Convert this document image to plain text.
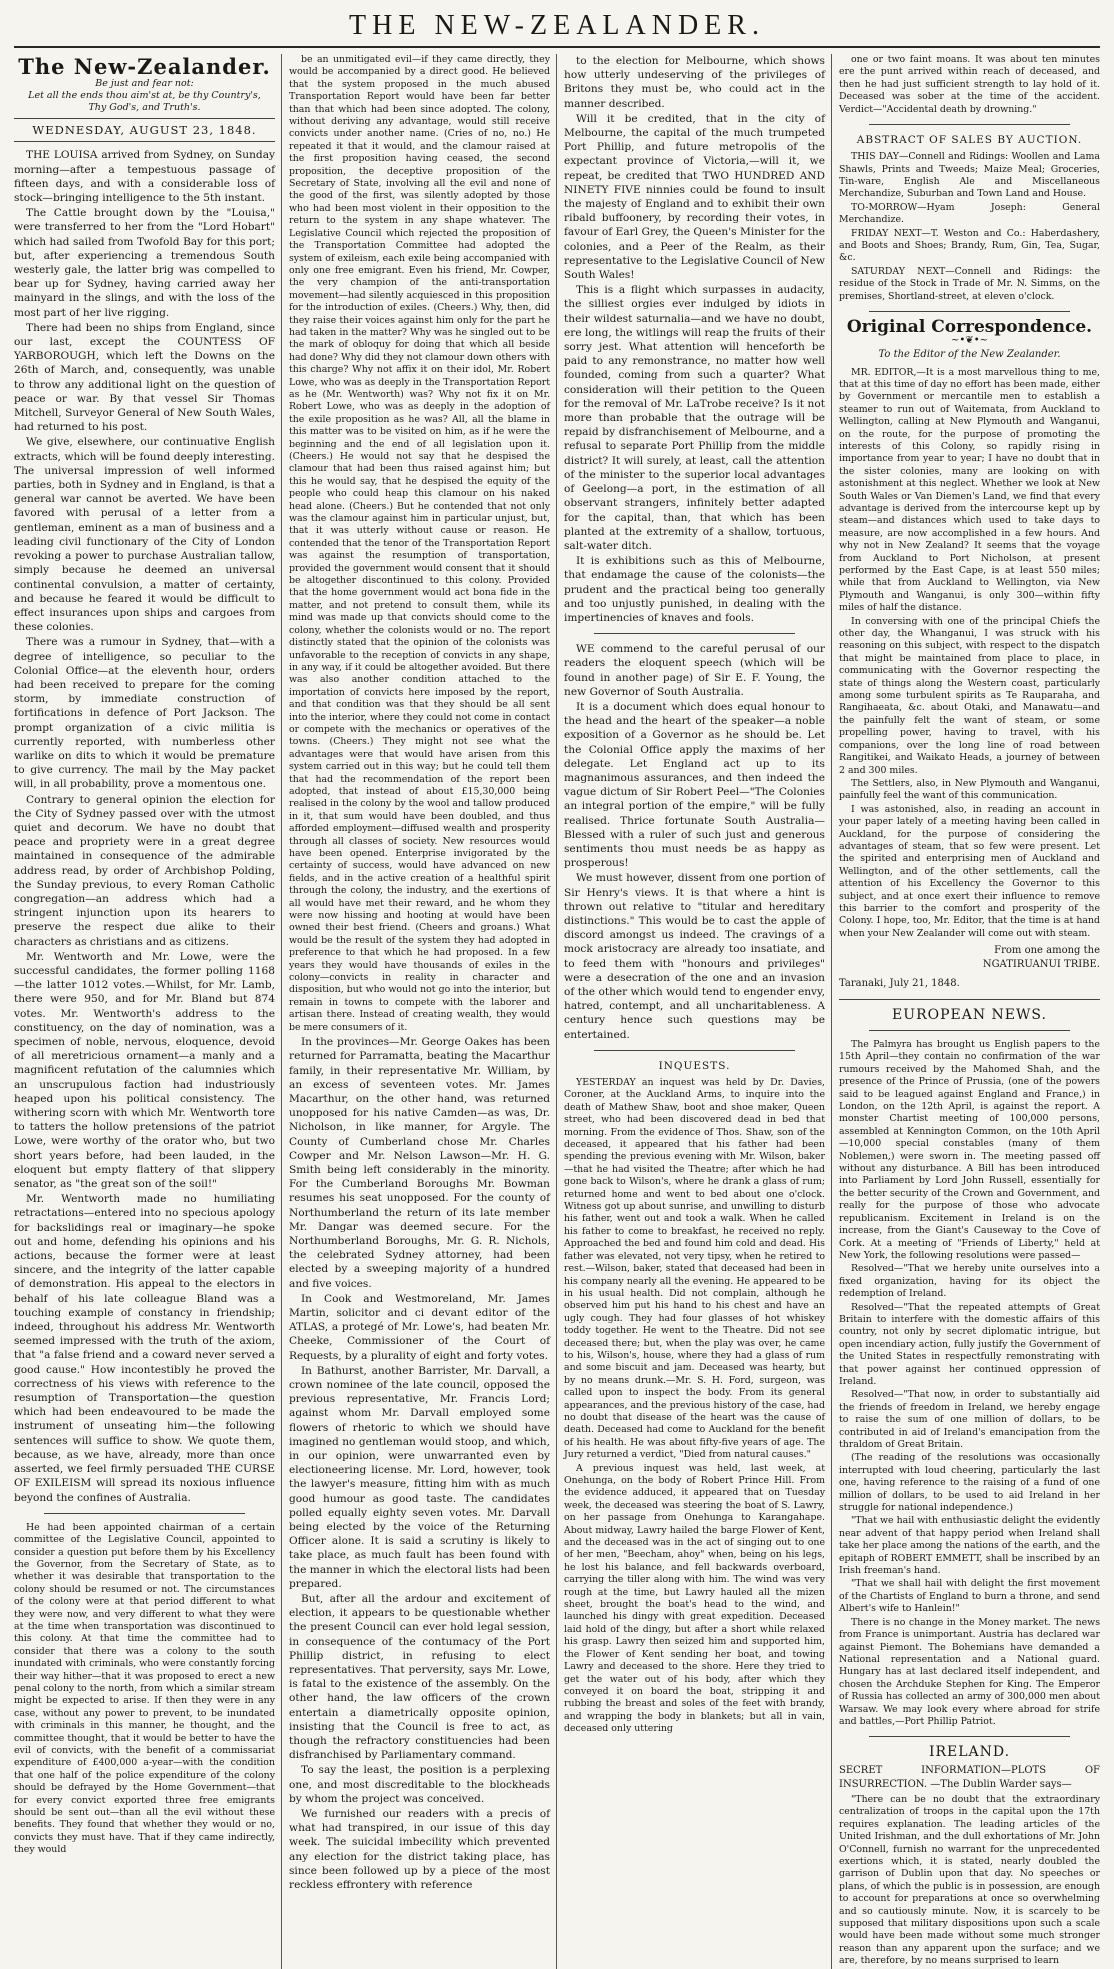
THE NEW-ZEALANDER.
The New-Zealander.
Be just and fear not:
Let all the ends thou aim'st at, be thy Country's,
Thy God's, and Truth's.
WEDNESDAY, AUGUST 23, 1848.

THE LOUISA arrived from Sydney, on Sunday morning—after a tempestuous passage of fifteen days, and with a considerable loss of stock—bringing intelligence to the 5th instant.

The Cattle brought down by the "Louisa," were transferred to her from the "Lord Hobart" which had sailed from Twofold Bay for this port; but, after experiencing a tremendous South westerly gale, the latter brig was compelled to bear up for Sydney, having carried away her mainyard in the slings, and with the loss of the most part of her live rigging.

There had been no ships from England, since our last, except the COUNTESS OF YARBOROUGH, which left the Downs on the 26th of March, and, consequently, was unable to throw any additional light on the question of peace or war. By that vessel Sir Thomas Mitchell, Surveyor General of New South Wales, had returned to his post.

We give, elsewhere, our continuative English extracts, which will be found deeply interesting. The universal impression of well informed parties, both in Sydney and in England, is that a general war cannot be averted. We have been favored with perusal of a letter from a gentleman, eminent as a man of business and a leading civil functionary of the City of London revoking a power to purchase Australian tallow, simply because he deemed an universal continental convulsion, a matter of certainty, and because he feared it would be difficult to effect insurances upon ships and cargoes from these colonies.

There was a rumour in Sydney, that—with a degree of intelligence, so peculiar to the Colonial Office—at the eleventh hour, orders had been received to prepare for the coming storm, by immediate construction of fortifications in defence of Port Jackson. The prompt organization of a civic militia is currently reported, with numberless other warlike on dits to which it would be premature to give currency. The mail by the May packet will, in all probability, prove a momentous one.

Contrary to general opinion the election for the City of Sydney passed over with the utmost quiet and decorum. We have no doubt that peace and propriety were in a great degree maintained in consequence of the admirable address read, by order of Archbishop Polding, the Sunday previous, to every Roman Catholic congregation—an address which had a stringent injunction upon its hearers to preserve the respect due alike to their characters as christians and as citizens.

Mr. Wentworth and Mr. Lowe, were the successful candidates, the former polling 1168—the latter 1012 votes.—Whilst, for Mr. Lamb, there were 950, and for Mr. Bland but 874 votes. Mr. Wentworth's address to the constituency, on the day of nomination, was a specimen of noble, nervous, eloquence, devoid of all meretricious ornament—a manly and a magnificent refutation of the calumnies which an unscrupulous faction had industriously heaped upon his political consistency. The withering scorn with which Mr. Wentworth tore to tatters the hollow pretensions of the patriot Lowe, were worthy of the orator who, but two short years before, had been lauded, in the eloquent but empty flattery of that slippery senator, as "the great son of the soil!"

Mr. Wentworth made no humiliating retractations—entered into no specious apology for backslidings real or imaginary—he spoke out and home, defending his opinions and his actions, because the former were at least sincere, and the integrity of the latter capable of demonstration. His appeal to the electors in behalf of his late colleague Bland was a touching example of constancy in friendship; indeed, throughout his address Mr. Wentworth seemed impressed with the truth of the axiom, that "a false friend and a coward never served a good cause." How incontestibly he proved the correctness of his views with reference to the resumption of Transportation—the question which had been endeavoured to be made the instrument of unseating him—the following sentences will suffice to show. We quote them, because, as we have, already, more than once asserted, we feel firmly persuaded THE CURSE OF EXILEISM will spread its noxious influence beyond the confines of Australia.

He had been appointed chairman of a certain committee of the Legislative Council, appointed to consider a question put before them by his Excellency the Governor, from the Secretary of State, as to whether it was desirable that transportation to the colony should be resumed or not. The circumstances of the colony were at that period different to what they were now, and very different to what they were at the time when transportation was discontinued to this colony. At that time the committee had to consider that there was a colony to the south inundated with criminals, who were constantly forcing their way hither—that it was proposed to erect a new penal colony to the north, from which a similar stream might be expected to arise. If then they were in any case, without any power to prevent, to be inundated with criminals in this manner, he thought, and the committee thought, that it would be better to have the evil of convicts, with the benefit of a commissariat expenditure of £400,000 a-year—with the condition that one half of the police expenditure of the colony should be defrayed by the Home Government—that for every convict exported three free emigrants should be sent out—than all the evil without these benefits. They found that whether they would or no, convicts they must have. That if they came indirectly, they would

be an unmitigated evil—if they came directly, they would be accompanied by a direct good. He believed that the system proposed in the much abused Transportation Report would have been far better than that which had been since adopted. The colony, without deriving any advantage, would still receive convicts under another name. (Cries of no, no.) He repeated it that it would, and the clamour raised at the first proposition having ceased, the second proposition, the deceptive proposition of the Secretary of State, involving all the evil and none of the good of the first, was silently adopted by those who had been most violent in their opposition to the return to the system in any shape whatever. The Legislative Council which rejected the proposition of the Transportation Committee had adopted the system of exileism, each exile being accompanied with only one free emigrant. Even his friend, Mr. Cowper, the very champion of the anti-transportation movement—had silently acquiesced in this proposition for the introduction of exiles. (Cheers.) Why, then, did they raise their voices against him only for the part he had taken in the matter? Why was he singled out to be the mark of obloquy for doing that which all beside had done? Why did they not clamour down others with this charge? Why not affix it on their idol, Mr. Robert Lowe, who was as deeply in the Transportation Report as he (Mr. Wentworth) was? Why not fix it on Mr. Robert Lowe, who was as deeply in the adoption of the exile proposition as he was? All, all the blame in this matter was to be visited on him, as if he were the beginning and the end of all legislation upon it. (Cheers.) He would not say that he despised the clamour that had been thus raised against him; but this he would say, that he despised the equity of the people who could heap this clamour on his naked head alone. (Cheers.) But he contended that not only was the clamour against him in particular unjust, but, that it was utterly without cause or reason. He contended that the tenor of the Transportation Report was against the resumption of transportation, provided the government would consent that it should be altogether discontinued to this colony. Provided that the home government would act bona fide in the matter, and not pretend to consult them, while its mind was made up that convicts should come to the colony, whether the colonists would or no. The report distinctly stated that the opinion of the colonists was unfavorable to the reception of convicts in any shape, in any way, if it could be altogether avoided. But there was also another condition attached to the importation of convicts here imposed by the report, and that condition was that they should be all sent into the interior, where they could not come in contact or compete with the mechanics or operatives of the towns. (Cheers.) They might not see what the advantages were that would have arisen from this system carried out in this way; but he could tell them that had the recommendation of the report been adopted, that instead of about £15,30,000 being realised in the colony by the wool and tallow produced in it, that sum would have been doubled, and thus afforded employment—diffused wealth and prosperity through all classes of society. New resources would have been opened. Enterprise invigorated by the certainty of success, would have advanced on new fields, and in the active creation of a healthful spirit through the colony, the industry, and the exertions of all would have met their reward, and he whom they were now hissing and hooting at would have been owned their best friend. (Cheers and groans.) What would be the result of the system they had adopted in preference to that which he had proposed. In a few years they would have thousands of exiles in the colony—convicts in reality in character and disposition, but who would not go into the interior, but remain in towns to compete with the laborer and artisan there. Instead of creating wealth, they would be mere consumers of it.

In the provinces—Mr. George Oakes has been returned for Parramatta, beating the Macarthur family, in their representative Mr. William, by an excess of seventeen votes. Mr. James Macarthur, on the other hand, was returned unopposed for his native Camden—as was, Dr. Nicholson, in like manner, for Argyle. The County of Cumberland chose Mr. Charles Cowper and Mr. Nelson Lawson—Mr. H. G. Smith being left considerably in the minority. For the Cumberland Boroughs Mr. Bowman resumes his seat unopposed. For the county of Northumberland the return of its late member Mr. Dangar was deemed secure. For the Northumberland Boroughs, Mr. G. R. Nichols, the celebrated Sydney attorney, had been elected by a sweeping majority of a hundred and five voices.

In Cook and Westmoreland, Mr. James Martin, solicitor and ci devant editor of the ATLAS, a protegé of Mr. Lowe's, had beaten Mr. Cheeke, Commissioner of the Court of Requests, by a plurality of eight and forty votes.

In Bathurst, another Barrister, Mr. Darvall, a crown nominee of the late council, opposed the previous representative, Mr. Francis Lord; against whom Mr. Darvall employed some flowers of rhetoric to which we should have imagined no gentleman would stoop, and which, in our opinion, were unwarranted even by electioneering license. Mr. Lord, however, took the lawyer's measure, fitting him with as much good humour as good taste. The candidates polled equally eighty seven votes. Mr. Darvall being elected by the voice of the Returning Officer alone. It is said a scrutiny is likely to take place, as much fault has been found with the manner in which the electoral lists had been prepared.

But, after all the ardour and excitement of election, it appears to be questionable whether the present Council can ever hold legal session, in consequence of the contumacy of the Port Phillip district, in refusing to elect representatives. That perversity, says Mr. Lowe, is fatal to the existence of the assembly. On the other hand, the law officers of the crown entertain a diametrically opposite opinion, insisting that the Council is free to act, as though the refractory constituencies had been disfranchised by Parliamentary command.

To say the least, the position is a perplexing one, and most discreditable to the blockheads by whom the project was conceived.

We furnished our readers with a precis of what had transpired, in our issue of this day week. The suicidal imbecility which prevented any election for the district taking place, has since been followed up by a piece of the most reckless effrontery with reference

to the election for Melbourne, which shows how utterly undeserving of the privileges of Britons they must be, who could act in the manner described.

Will it be credited, that in the city of Melbourne, the capital of the much trumpeted Port Phillip, and future metropolis of the expectant province of Victoria,—will it, we repeat, be credited that TWO HUNDRED AND NINETY FIVE ninnies could be found to insult the majesty of England and to exhibit their own ribald buffoonery, by recording their votes, in favour of Earl Grey, the Queen's Minister for the colonies, and a Peer of the Realm, as their representative to the Legislative Council of New South Wales!

This is a flight which surpasses in audacity, the silliest orgies ever indulged by idiots in their wildest saturnalia—and we have no doubt, ere long, the witlings will reap the fruits of their sorry jest. What attention will henceforth be paid to any remonstrance, no matter how well founded, coming from such a quarter? What consideration will their petition to the Queen for the removal of Mr. LaTrobe receive? Is it not more than probable that the outrage will be repaid by disfranchisement of Melbourne, and a refusal to separate Port Phillip from the middle district? It will surely, at least, call the attention of the minister to the superior local advantages of Geelong—a port, in the estimation of all observant strangers, infinitely better adapted for the capital, than, that which has been planted at the extremity of a shallow, tortuous, salt-water ditch.

It is exhibitions such as this of Melbourne, that endamage the cause of the colonists—the prudent and the practical being too generally and too unjustly punished, in dealing with the impertinencies of knaves and fools.

WE commend to the careful perusal of our readers the eloquent speech (which will be found in another page) of Sir E. F. Young, the new Governor of South Australia.

It is a document which does equal honour to the head and the heart of the speaker—a noble exposition of a Governor as he should be. Let the Colonial Office apply the maxims of her delegate. Let England act up to its magnanimous assurances, and then indeed the vague dictum of Sir Robert Peel—"The Colonies an integral portion of the empire," will be fully realised. Thrice fortunate South Australia—Blessed with a ruler of such just and generous sentiments thou must needs be as happy as prosperous!

We must however, dissent from one portion of Sir Henry's views. It is that where a hint is thrown out relative to "titular and hereditary distinctions." This would be to cast the apple of discord amongst us indeed. The cravings of a mock aristocracy are already too insatiate, and to feed them with "honours and privileges" were a desecration of the one and an invasion of the other which would tend to engender envy, hatred, contempt, and all uncharitableness. A century hence such questions may be entertained.

INQUESTS.

YESTERDAY an inquest was held by Dr. Davies, Coroner, at the Auckland Arms, to inquire into the death of Mathew Shaw, boot and shoe maker, Queen street, who had been discovered dead in bed that morning. From the evidence of Thos. Shaw, son of the deceased, it appeared that his father had been spending the previous evening with Mr. Wilson, baker—that he had visited the Theatre; after which he had gone back to Wilson's, where he drank a glass of rum; returned home and went to bed about one o'clock. Witness got up about sunrise, and unwilling to disturb his father, went out and took a walk. When he called his father to come to breakfast, he received no reply. Approached the bed and found him cold and dead. His father was elevated, not very tipsy, when he retired to rest.—Wilson, baker, stated that deceased had been in his company nearly all the evening. He appeared to be in his usual health. Did not complain, although he observed him put his hand to his chest and have an ugly cough. They had four glasses of hot whiskey toddy together. He went to the Theatre. Did not see deceased there; but, when the play was over, he came to his, Wilson's, house, where they had a glass of rum and some biscuit and jam. Deceased was hearty, but by no means drunk.—Mr. S. H. Ford, surgeon, was called upon to inspect the body. From its general appearances, and the previous history of the case, had no doubt that disease of the heart was the cause of death. Deceased had come to Auckland for the benefit of his health. He was about fifty-five years of age. The Jury returned a verdict, "Died from natural causes."

A previous inquest was held, last week, at Onehunga, on the body of Robert Prince Hill. From the evidence adduced, it appeared that on Tuesday week, the deceased was steering the boat of S. Lawry, on her passage from Onehunga to Karangahape. About midway, Lawry hailed the barge Flower of Kent, and the deceased was in the act of singing out to one of her men, "Beecham, ahoy" when, being on his legs, he lost his balance, and fell backwards overboard, carrying the tiller along with him. The wind was very rough at the time, but Lawry hauled all the mizen sheet, brought the boat's head to the wind, and launched his dingy with great expedition. Deceased laid hold of the dingy, but after a short while relaxed his grasp. Lawry then seized him and supported him, the Flower of Kent sending her boat, and towing Lawry and deceased to the shore. Here they tried to get the water out of his body, after which they conveyed it on board the boat, stripping it and rubbing the breast and soles of the feet with brandy, and wrapping the body in blankets; but all in vain, deceased only uttering

one or two faint moans. It was about ten minutes ere the punt arrived within reach of deceased, and then he had just sufficient strength to lay hold of it. Deceased was sober at the time of the accident. Verdict—"Accidental death by drowning."

ABSTRACT OF SALES BY AUCTION.

THIS DAY—Connell and Ridings: Woollen and Lama Shawls, Prints and Tweeds; Maize Meal; Groceries, Tin-ware, English Ale and Miscellaneous Merchandize, Suburban and Town Land and House.

TO-MORROW—Hyam Joseph: General Merchandize.

FRIDAY NEXT—T. Weston and Co.: Haberdashery, and Boots and Shoes; Brandy, Rum, Gin, Tea, Sugar, &c.

SATURDAY NEXT—Connell and Ridings: the residue of the Stock in Trade of Mr. N. Simms, on the premises, Shortland-street, at eleven o'clock.

Original Correspondence.
~•❦•~
To the Editor of the New Zealander.

MR. EDITOR,—It is a most marvellous thing to me, that at this time of day no effort has been made, either by Government or mercantile men to establish a steamer to run out of Waitemata, from Auckland to Wellington, calling at New Plymouth and Wanganui, on the route, for the purpose of promoting the interests of this Colony, so rapidly rising in importance from year to year; I have no doubt that in the sister colonies, many are looking on with astonishment at this neglect. Whether we look at New South Wales or Van Diemen's Land, we find that every advantage is derived from the intercourse kept up by steam—and distances which used to take days to measure, are now accomplished in a few hours. And why not in New Zealand? It seems that the voyage from Auckland to Port Nicholson, at present performed by the East Cape, is at least 550 miles; while that from Auckland to Wellington, via New Plymouth and Wanganui, is only 300—within fifty miles of half the distance.

In conversing with one of the principal Chiefs the other day, the Whanganui, I was struck with his reasoning on this subject, with respect to the dispatch that might be maintained from place to place, in communicating with the Governor respecting the state of things along the Western coast, particularly among some turbulent spirits as Te Rauparaha, and Rangihaeata, &c. about Otaki, and Manawatu—and the painfully felt the want of steam, or some propelling power, having to travel, with his companions, over the long line of road between Rangitikei, and Waikato Heads, a journey of between 2 and 300 miles.

The Settlers, also, in New Plymouth and Wanganui, painfully feel the want of this communication.

I was astonished, also, in reading an account in your paper lately of a meeting having been called in Auckland, for the purpose of considering the advantages of steam, that so few were present. Let the spirited and enterprising men of Auckland and Wellington, and of the other settlements, call the attention of his Excellency the Governor to this subject, and at once exert their influence to remove this barrier to the comfort and prosperity of the Colony. I hope, too, Mr. Editor, that the time is at hand when your New Zealander will come out with steam.

From one among the
NGATIRUANUI TRIBE.
Taranaki, July 21, 1848.
EUROPEAN NEWS.

The Palmyra has brought us English papers to the 15th April—they contain no confirmation of the war rumours received by the Mahomed Shah, and the presence of the Prince of Prussia, (one of the powers said to be leagued against England and France,) in London, on the 12th April, is against the report. A monster Chartist meeting of 100,000 persons, assembled at Kennington Common, on the 10th April—10,000 special constables (many of them Noblemen,) were sworn in. The meeting passed off without any disturbance. A Bill has been introduced into Parliament by Lord John Russell, essentially for the better security of the Crown and Government, and really for the purpose of those who advocate republicanism. Excitement in Ireland is on the increase, from the Giant's Causeway to the Cove of Cork. At a meeting of "Friends of Liberty," held at New York, the following resolutions were passed—

Resolved—"That we hereby unite ourselves into a fixed organization, having for its object the redemption of Ireland.

Resolved—"That the repeated attempts of Great Britain to interfere with the domestic affairs of this country, not only by secret diplomatic intrigue, but open incendiary action, fully justify the Government of the United States in respectfully remonstrating with that power against her continued oppression of Ireland.

Resolved—"That now, in order to substantially aid the friends of freedom in Ireland, we hereby engage to raise the sum of one million of dollars, to be contributed in aid of Ireland's emancipation from the thraldom of Great Britain.

(The reading of the resolutions was occasionally interrupted with loud cheering, particularly the last one, having reference to the raising of a fund of one million of dollars, to be used to aid Ireland in her struggle for national independence.)

"That we hail with enthusiastic delight the evidently near advent of that happy period when Ireland shall take her place among the nations of the earth, and the epitaph of ROBERT EMMETT, shall be inscribed by an Irish freeman's hand.

"That we shall hail with delight the first movement of the Chartists of England to burn a throne, and send Albert's wife to Hanlein!"

There is no change in the Money market. The news from France is unimportant. Austria has declared war against Piemont. The Bohemians have demanded a National representation and a National guard. Hungary has at last declared itself independent, and chosen the Archduke Stephen for King. The Emperor of Russia has collected an army of 300,000 men about Warsaw. We may look every where abroad for strife and battles,—Port Phillip Patriot.

IRELAND.
SECRET INFORMATION—PLOTS OF INSURRECTION. —The Dublin Warder says—

"There can be no doubt that the extraordinary centralization of troops in the capital upon the 17th requires explanation. The leading articles of the United Irishman, and the dull exhortations of Mr. John O'Connell, furnish no warrant for the unprecedented exertions which, it is stated, nearly doubled the garrison of Dublin upon that day. No speeches or plans, of which the public is in possession, are enough to account for preparations at once so overwhelming and so cautiously minute. Now, it is scarcely to be supposed that military dispositions upon such a scale would have been made without some much stronger reason than any apparent upon the surface; and we are, therefore, by no means surprised to learn
